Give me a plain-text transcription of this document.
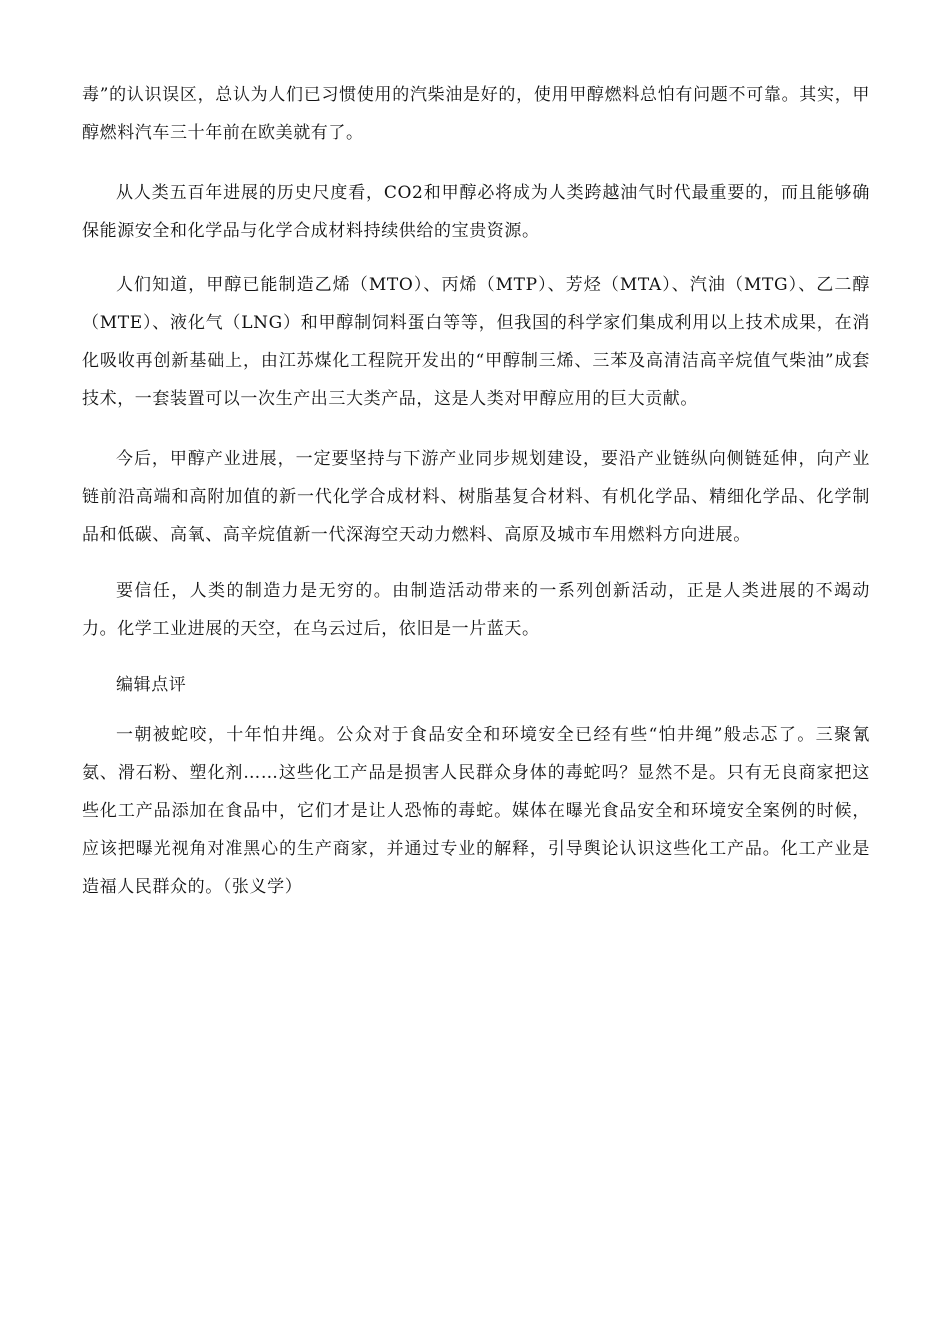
毒”的认识误区，总认为人们已习惯使用的汽柴油是好的，使用甲醇燃料总怕有问题不可靠。其实，甲醇燃料汽车三十年前在欧美就有了。

从人类五百年进展的历史尺度看，CO2和甲醇必将成为人类跨越油气时代最重要的，而且能够确保能源安全和化学品与化学合成材料持续供给的宝贵资源。

人们知道，甲醇已能制造乙烯（MTO）、丙烯（MTP）、芳烃（MTA）、汽油（MTG）、乙二醇（MTE）、液化气（LNG）和甲醇制饲料蛋白等等，但我国的科学家们集成利用以上技术成果，在消化吸收再创新基础上，由江苏煤化工程院开发出的“甲醇制三烯、三苯及高清洁高辛烷值气柴油”成套技术，一套装置可以一次生产出三大类产品，这是人类对甲醇应用的巨大贡献。

今后，甲醇产业进展，一定要坚持与下游产业同步规划建设，要沿产业链纵向侧链延伸，向产业链前沿高端和高附加值的新一代化学合成材料、树脂基复合材料、有机化学品、精细化学品、化学制品和低碳、高氧、高辛烷值新一代深海空天动力燃料、高原及城市车用燃料方向进展。

要信任，人类的制造力是无穷的。由制造活动带来的一系列创新活动，正是人类进展的不竭动力。化学工业进展的天空，在乌云过后，依旧是一片蓝天。

编辑点评

一朝被蛇咬，十年怕井绳。公众对于食品安全和环境安全已经有些“怕井绳”般忐忑了。三聚氰氨、滑石粉、塑化剂……这些化工产品是损害人民群众身体的毒蛇吗？显然不是。只有无良商家把这些化工产品添加在食品中，它们才是让人恐怖的毒蛇。媒体在曝光食品安全和环境安全案例的时候，应该把曝光视角对准黑心的生产商家，并通过专业的解释，引导舆论认识这些化工产品。化工产业是造福人民群众的。（张义学）
